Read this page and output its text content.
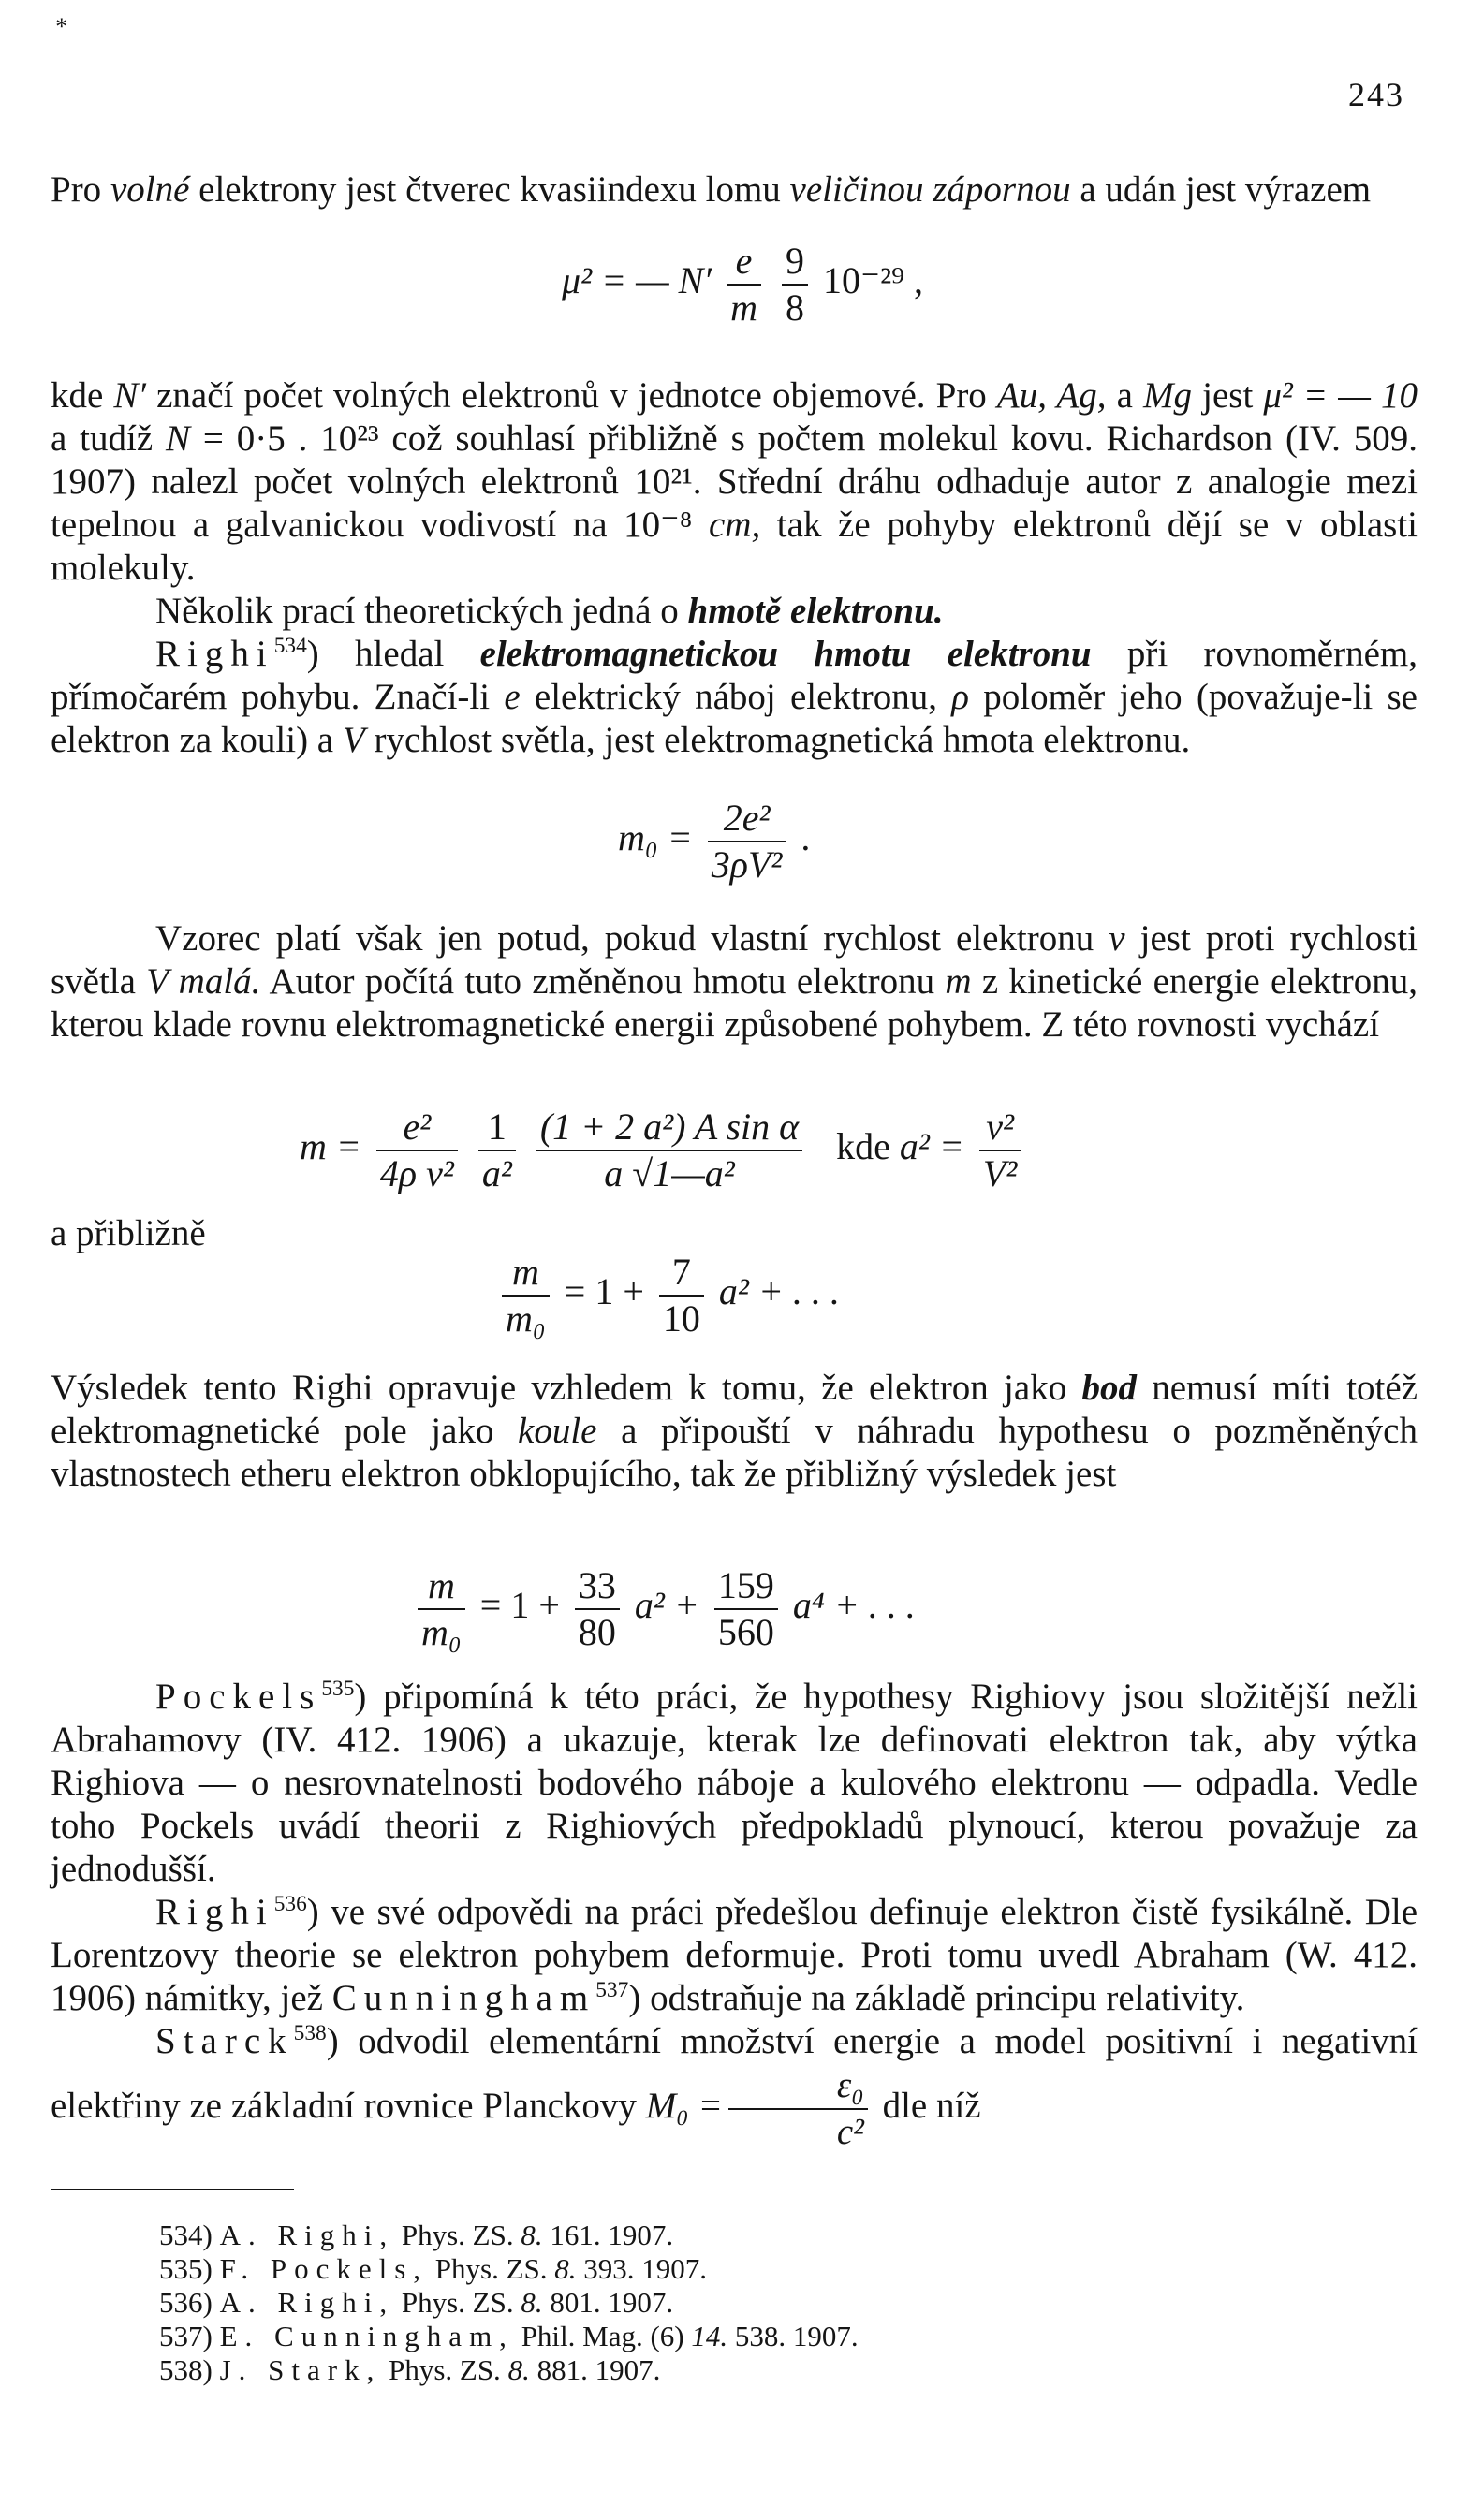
*
243

Pro volné elektrony jest čtverec kvasiindexu lomu veličinou zápornou a udán jest výrazem

μ² = — $N' \frac{e}{m}$
$\frac{9}{8} 10^{-29}$ ,

kde N′ značí počet volných elektronů v jednotce objemové. Pro Au, Ag, a Mg jest μ² = — 10 a tudíž N = 0·5 . 10²³ což souhlasí přibližně s počtem molekul kovu. Richardson (IV. 509. 1907) nalezl počet volných elektronů 10²¹. Střední dráhu odhaduje autor z analogie mezi tepelnou a galvanickou vodivostí na 10⁻⁸ cm, tak že pohyby elektronů dějí se v oblasti molekuly.

Několik prací theoretických jedná o hmotě elektronu.

Righi$^{534}$) hledal elektromagnetickou hmotu elektronu při rovnoměrném, přímočarém pohybu. Značí-li e elektrický náboj elektronu, ρ poloměr jeho (považuje-li se elektron za kouli) a V rychlost světla, jest elektromagnetická hmota elektronu.

$m_0 = \frac{\text{2e²}}{\text{3ρV²}}$ .

Vzorec platí však jen potud, pokud vlastní rychlost elektronu v jest proti rychlosti světla V malá. Autor počítá tuto změněnou hmotu elektronu m z kinetické energie elektronu, kterou klade rovnu elektromagnetické energii způsobené pohybem. Z této rovnosti vychází

$m = \frac{\text{e²}}{\text{4ρ v²}}$
$\frac{1}{\text{a²}}$
$\frac{\text{(1 + 2 a²) A sin α}}{\text{a √1—a²}}$ kde $a^2 = \frac{\text{v²}}{\text{V²}}$
a přibližně
$\frac{m}{\text{m₀}} = 1 + \frac{7}{10} a^2$ + . . .

Výsledek tento Righi opravuje vzhledem k tomu, že elektron jako bod nemusí míti totéž elektromagnetické pole jako koule a připouští v náhradu hypothesu o pozměněných vlastnostech etheru elektron obklopujícího, tak že přibližný výsledek jest

$\frac{m}{\text{m₀}} = 1 + \frac{33}{80} a^2 + \frac{159}{560} a^4$ + . . .

Pockels$^{535}$) připomíná k této práci, že hypothesy Righiovy jsou složitější nežli Abrahamovy (IV. 412. 1906) a ukazuje, kterak lze definovati elektron tak, aby výtka Righiova — o nesrovnatelnosti bodového náboje a kulového elektronu — odpadla. Vedle toho Pockels uvádí theorii z Righiových předpokladů plynoucí, kterou považuje za jednodušší.

Righi$^{536}$) ve své odpovědi na práci předešlou definuje elektron čistě fysikálně. Dle Lorentzovy theorie se elektron pohybem deformuje. Proti tomu uvedl Abraham (W. 412. 1906) námitky, jež Cunningham$^{537}$) odstraňuje na základě principu relativity.

Starck$^{538}$) odvodil elementární množství energie a model positivní i negativní elektřiny ze základní rovnice Planckovy $M_0 = \frac{\text{ε₀}}{\text{c²}}$ dle níž

534) A. Righi, Phys. ZS. 8. 161. 1907.
535) F. Pockels, Phys. ZS. 8. 393. 1907.
536) A. Righi, Phys. ZS. 8. 801. 1907.
537) E. Cunningham, Phil. Mag. (6) 14. 538. 1907.
538) J. Stark, Phys. ZS. 8. 881. 1907.
